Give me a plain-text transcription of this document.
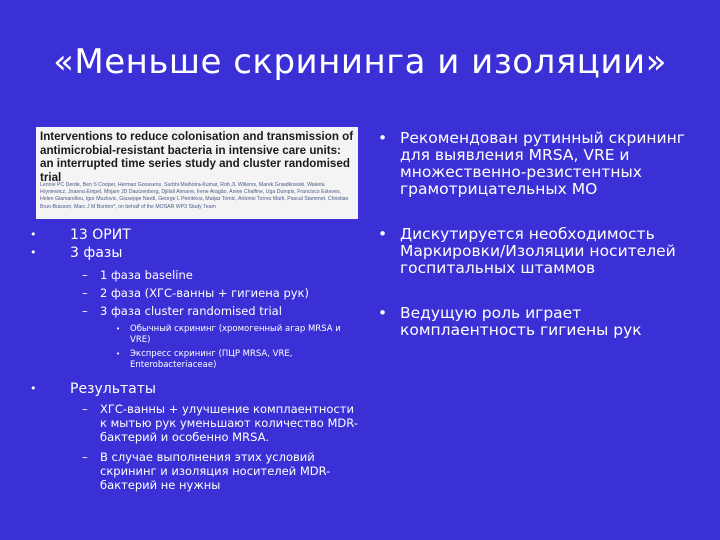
«Меньше скрининга и изоляции»
Interventions to reduce colonisation and transmission of antimicrobial-resistant bacteria in intensive care units: an interrupted time series study and cluster randomised trial
Lennie PC Derde, Ben S Cooper, Herman Goossens, Surbhi Malhotra-Kumar, Rob JL Willems, Marek Gniadkowski, Waleria Hryniewicz, Joanna Empel, Mirjam JD Dautzenberg, Djillali Annane, Irene Aragão, Annie Chalfine, Uga Dumpis, Francisco Esteves, Helen Giamarellou, Igor Muzlovic, Giuseppe Nardi, George L Petrikkos, Matjaz Tomic, Antonio Torres Marti, Pascal Stammet, Christian Brun-Buisson, Marc J M Bonten*, on behalf of the MOSAR WP3 Study Team
• 13 ОРИТ
• 3 фазы
– 1 фаза baseline
– 2 фаза (ХГС-ванны + гигиена рук)
– 3 фаза cluster randomised trial
• Обычный скрининг (хромогенный агар MRSA и VRE)
• Экспресс скрининг (ПЦР MRSA, VRE, Enterobacteriaceae)
• Результаты
– ХГС-ванны + улучшение комплаентности к мытью рук уменьшают количество MDR-бактерий и особенно MRSA.
– В случае выполнения этих условий скрининг и изоляция носителей MDR-бактерий не нужны
• Рекомендован рутинный скрининг для выявления MRSA, VRE и множественно-резистентных грамотрицательных МО
• Дискутируется необходимость Маркировки/Изоляции носителей госпитальных штаммов
• Ведущую роль играет комплаентность гигиены рук
